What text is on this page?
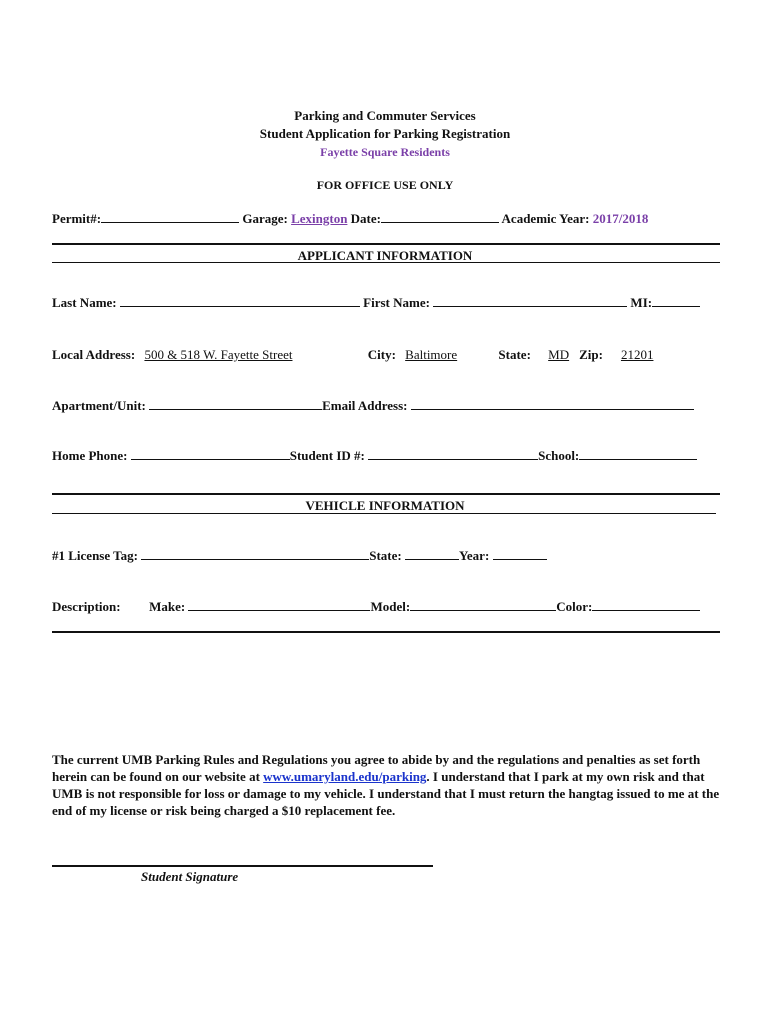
Parking and Commuter Services
Student Application for Parking Registration
Fayette Square Residents
FOR OFFICE USE ONLY
Permit#:	Garage: Lexington Date:	Academic Year: 2017/2018
APPLICANT INFORMATION
Last Name:	First Name:	MI:
Local Address: 500 & 518 W. Fayette Street	City: Baltimore	State: MD Zip: 21201
Apartment/Unit:	Email Address:
Home Phone:	Student ID #:	School:
VEHICLE INFORMATION
#1 License Tag:	State:	Year:
Description: Make:	Model:	Color:
The current UMB Parking Rules and Regulations you agree to abide by and the regulations and penalties as set forth herein can be found on our website at www.umaryland.edu/parking. I understand that I park at my own risk and that UMB is not responsible for loss or damage to my vehicle. I understand that I must return the hangtag issued to me at the end of my license or risk being charged a $10 replacement fee.
Student Signature
